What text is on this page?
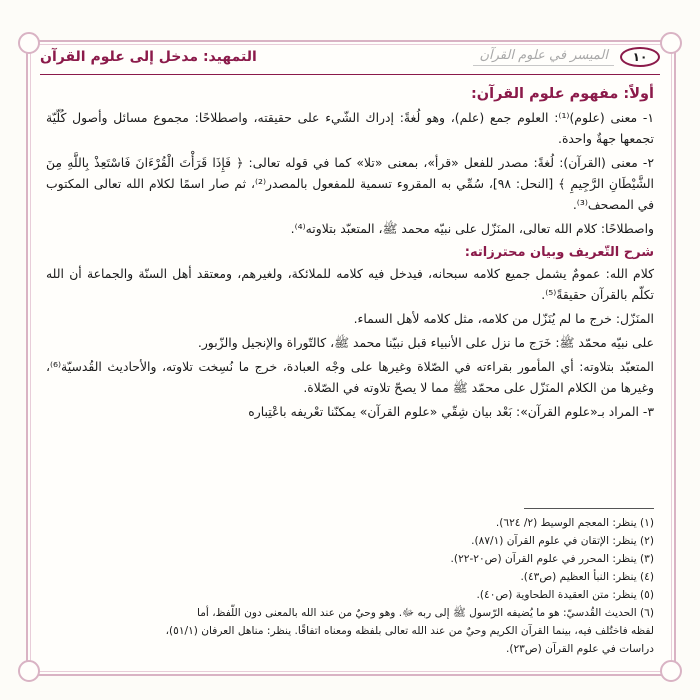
١٠
الميسر في علوم القرآن
التمهيد: مدخل إلى علوم القرآن
أولاً: مفهوم علوم القرآن:

١- معنى (علوم)⁽¹⁾: العلوم جمع (علم)، وهو لُغةً: إدراك الشّيء على حقيقته، واصطلاحًا: مجموع مسائل وأصول كُلّيّة تجمعها جهةٌ واحدة.

٢- معنى (القرآن): لُغةً: مصدر للفعل «قرأ»، بمعنى «تلا» كما في قوله تعالى: ﴿ فَإِذَا قَرَأْتَ الْقُرْءَانَ فَاسْتَعِذْ بِاللَّهِ مِنَ الشَّيْطَانِ الرَّجِيمِ ﴾ [النحل: ٩٨]، سُمِّي به المقروء تسمية للمفعول بالمصدر⁽²⁾، ثم صار اسمًا لكلام الله تعالى المكتوب في المصحف⁽³⁾.

واصطلاحًا: كلام الله تعالى، المنَزّل على نبيّه محمد ﷺ، المتعبّد بتلاوته⁽⁴⁾.

شرح التّعريف وبيان محترزاته:

كلام الله: عمومٌ يشمل جميع كلامه سبحانه، فيدخل فيه كلامه للملائكة، ولغيرهم، ومعتقد أهل السنّة والجماعة أن الله تكلّم بالقرآن حقيقةً⁽⁵⁾.

المنَزّل: خرج ما لم يُنَزّل من كلامه، مثل كلامه لأهل السماء.

على نبيّه محمّد ﷺ: خَرَج ما نزل على الأنبياء قبل نبيّنا محمد ﷺ، كالتّوراة والإنجيل والزّبور.

المتعبّد بتلاوته: أي المأمور بقراءته في الصّلاة وغيرها على وجْه العبادة، خرج ما نُسِخت تلاوته، والأحاديث القُدسيّة⁽⁶⁾، وغيرها من الكلام المنَزّل على محمّد ﷺ مما لا يصحّ تلاوته في الصّلاة.

٣- المراد بـ«علوم القرآن»: بَعْد بيان شِقّي «علوم القرآن» يمكنّنا تعْريفه باعْتِباره

(١) ينظر: المعجم الوسيط (٢/ ٦٢٤).
(٢) ينظر: الإتقان في علوم القرآن (٨٧/١).
(٣) ينظر: المحرر في علوم القرآن (ص٢٠-٢٢).
(٤) ينظر: النبأ العظيم (ص٤٣).
(٥) ينظر: متن العقيدة الطحاوية (ص٤٠).
(٦) الحديث القُدسيّ: هو ما يُضيفه الرّسول ﷺ إلى ربه ﷻ. وهو وحيٌ من عند الله بالمعنى دون اللّفظ، أما
لفظه فاختُلف فيه، بينما القرآن الكريم وحيٌ من عند الله تعالى بلفظه ومعناه اتفاقًا. ينظر: مناهل العرفان (٥١/١)،
دراسات في علوم القرآن (ص٢٣).
